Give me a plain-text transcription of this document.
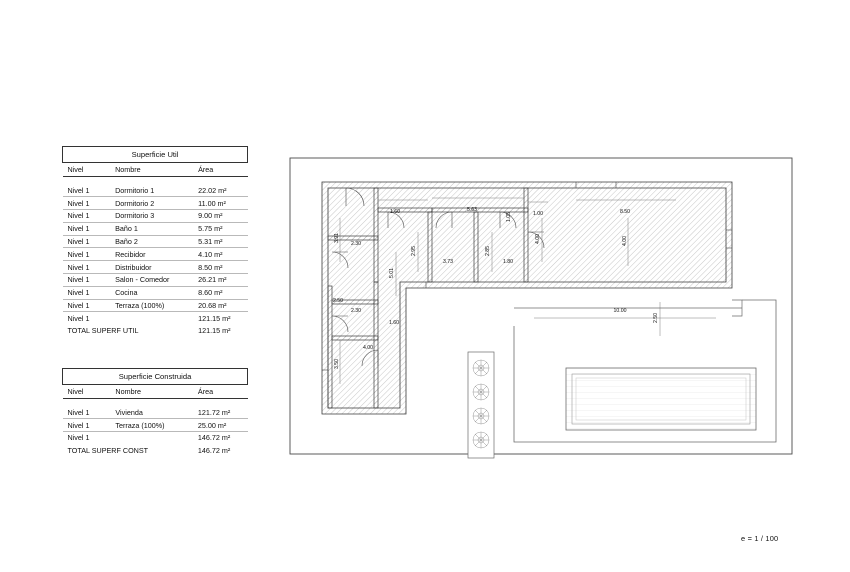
Superficie Util		
Nivel	Nombre	Área

Nivel 1	Dormitorio 1	22.02 m²
Nivel 1	Dormitorio 2	11.00 m²
Nivel 1	Dormitorio 3	9.00 m²
Nivel 1	Baño 1	5.75 m²
Nivel 1	Baño 2	5.31 m²
Nivel 1	Recibidor	4.10 m²
Nivel 1	Distribuidor	8.50 m²
Nivel 1	Salon - Comedor	26.21 m²
Nivel 1	Cocina	8.60 m²
Nivel 1	Terraza (100%)	20.68 m²
Nivel 1		121.15 m²
TOTAL SUPERF UTIL		121.15 m²
Superficie Construida		
Nivel	Nombre	Área

Nivel 1	Vivienda	121.72 m²
Nivel 1	Terraza (100%)	25.00 m²
Nivel 1		146.72 m²
TOTAL SUPERF CONST		146.72 m²
1.60	5.63
1.05	1.00	8.50
3.91
2.30
2.95
3.73
2.85
1.80
4.00	4.00
5.01
2.50
2.30
1.60
10.00
2.50
4.00
3.50
e = 1 / 100
